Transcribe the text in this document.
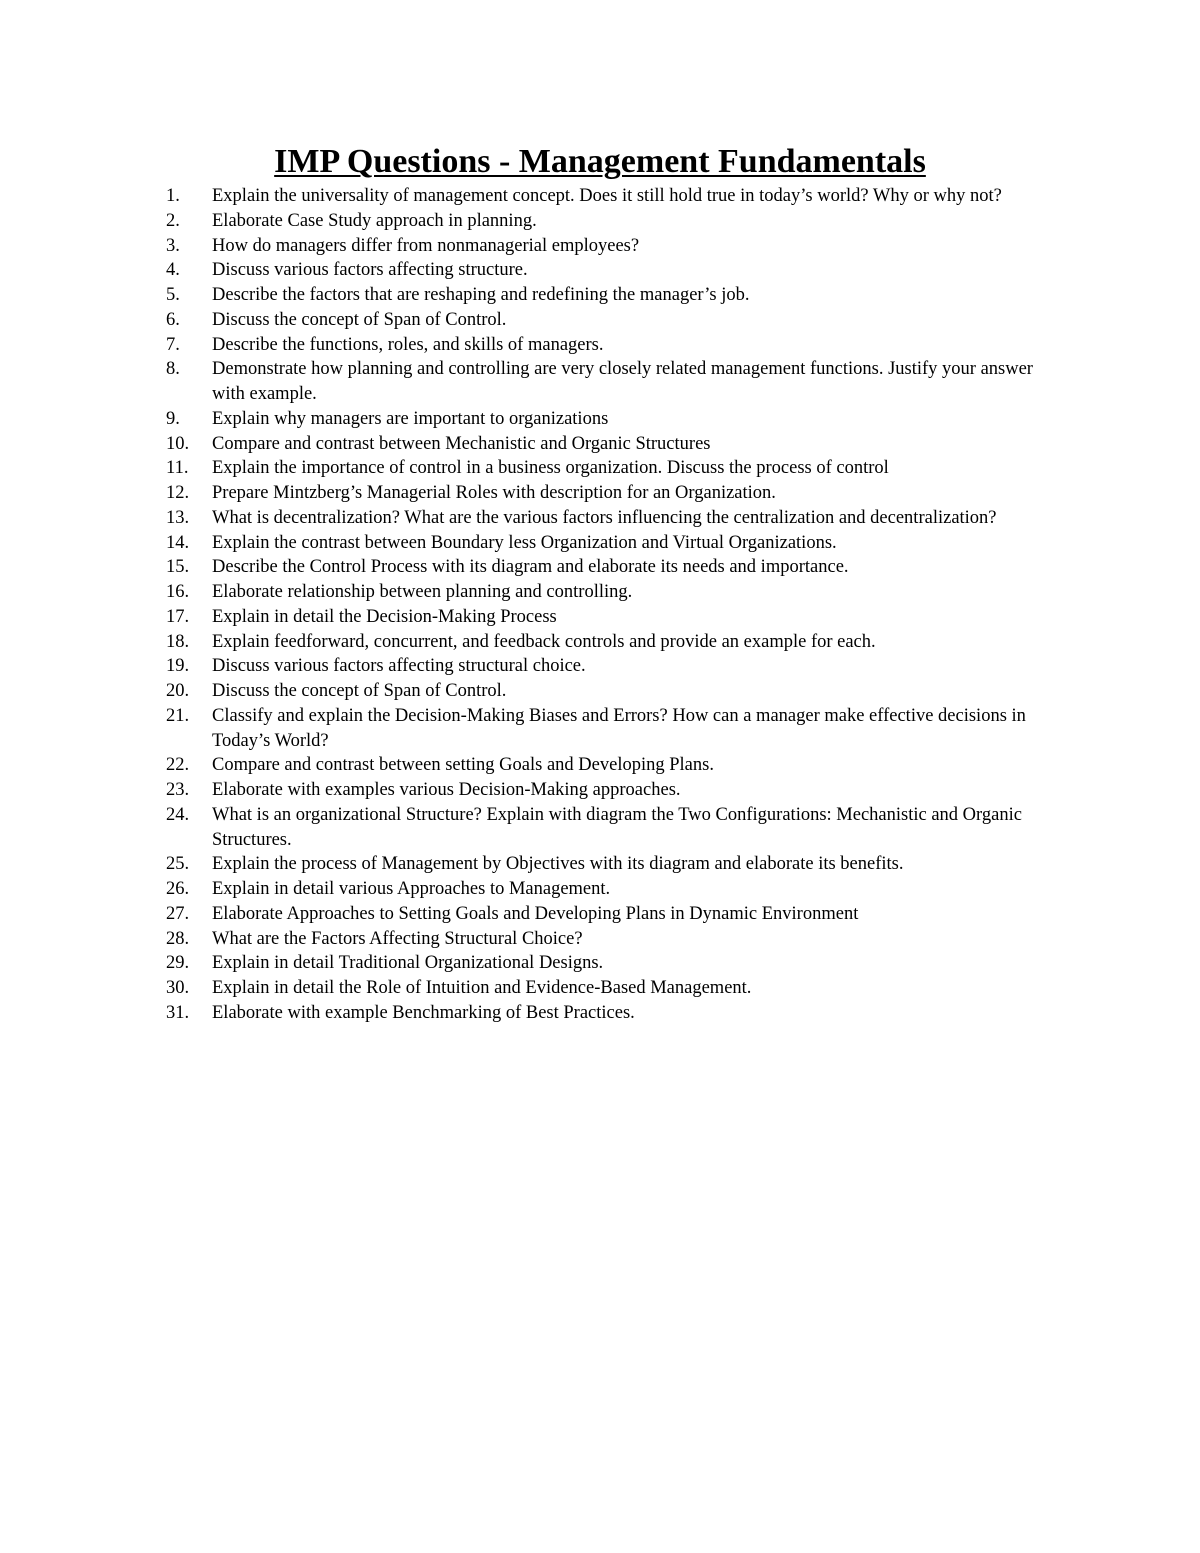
IMP Questions - Management Fundamentals
1.	Explain the universality of management concept. Does it still hold true in today’s world? Why or why not?
2.	Elaborate Case Study approach in planning.
3.	How do managers differ from nonmanagerial employees?
4.	Discuss various factors affecting structure.
5.	Describe the factors that are reshaping and redefining the manager’s job.
6.	Discuss the concept of Span of Control.
7.	Describe the functions, roles, and skills of managers.
8.	Demonstrate how planning and controlling are very closely related management functions. Justify your answer with example.
9.	Explain why managers are important to organizations
10.	Compare and contrast between Mechanistic and Organic Structures
11.	Explain the importance of control in a business organization. Discuss the process of control
12.	Prepare Mintzberg’s Managerial Roles with description for an Organization.
13.	What is decentralization? What are the various factors influencing the centralization and decentralization?
14.	Explain the contrast between Boundary less Organization and Virtual Organizations.
15.	Describe the Control Process with its diagram and elaborate its needs and importance.
16.	Elaborate relationship between planning and controlling.
17.	Explain in detail the Decision-Making Process
18.	Explain feedforward, concurrent, and feedback controls and provide an example for each.
19.	Discuss various factors affecting structural choice.
20.	Discuss the concept of Span of Control.
21.	Classify and explain the Decision-Making Biases and Errors? How can a manager make effective decisions in Today’s World?
22.	Compare and contrast between setting Goals and Developing Plans.
23.	Elaborate with examples various Decision-Making approaches.
24.	What is an organizational Structure? Explain with diagram the Two Configurations: Mechanistic and Organic Structures.
25.	Explain the process of Management by Objectives with its diagram and elaborate its benefits.
26.	Explain in detail various Approaches to Management.
27.	Elaborate Approaches to Setting Goals and Developing Plans in Dynamic Environment
28.	What are the Factors Affecting Structural Choice?
29.	Explain in detail Traditional Organizational Designs.
30.	Explain in detail the Role of Intuition and Evidence-Based Management.
31.	Elaborate with example Benchmarking of Best Practices.
